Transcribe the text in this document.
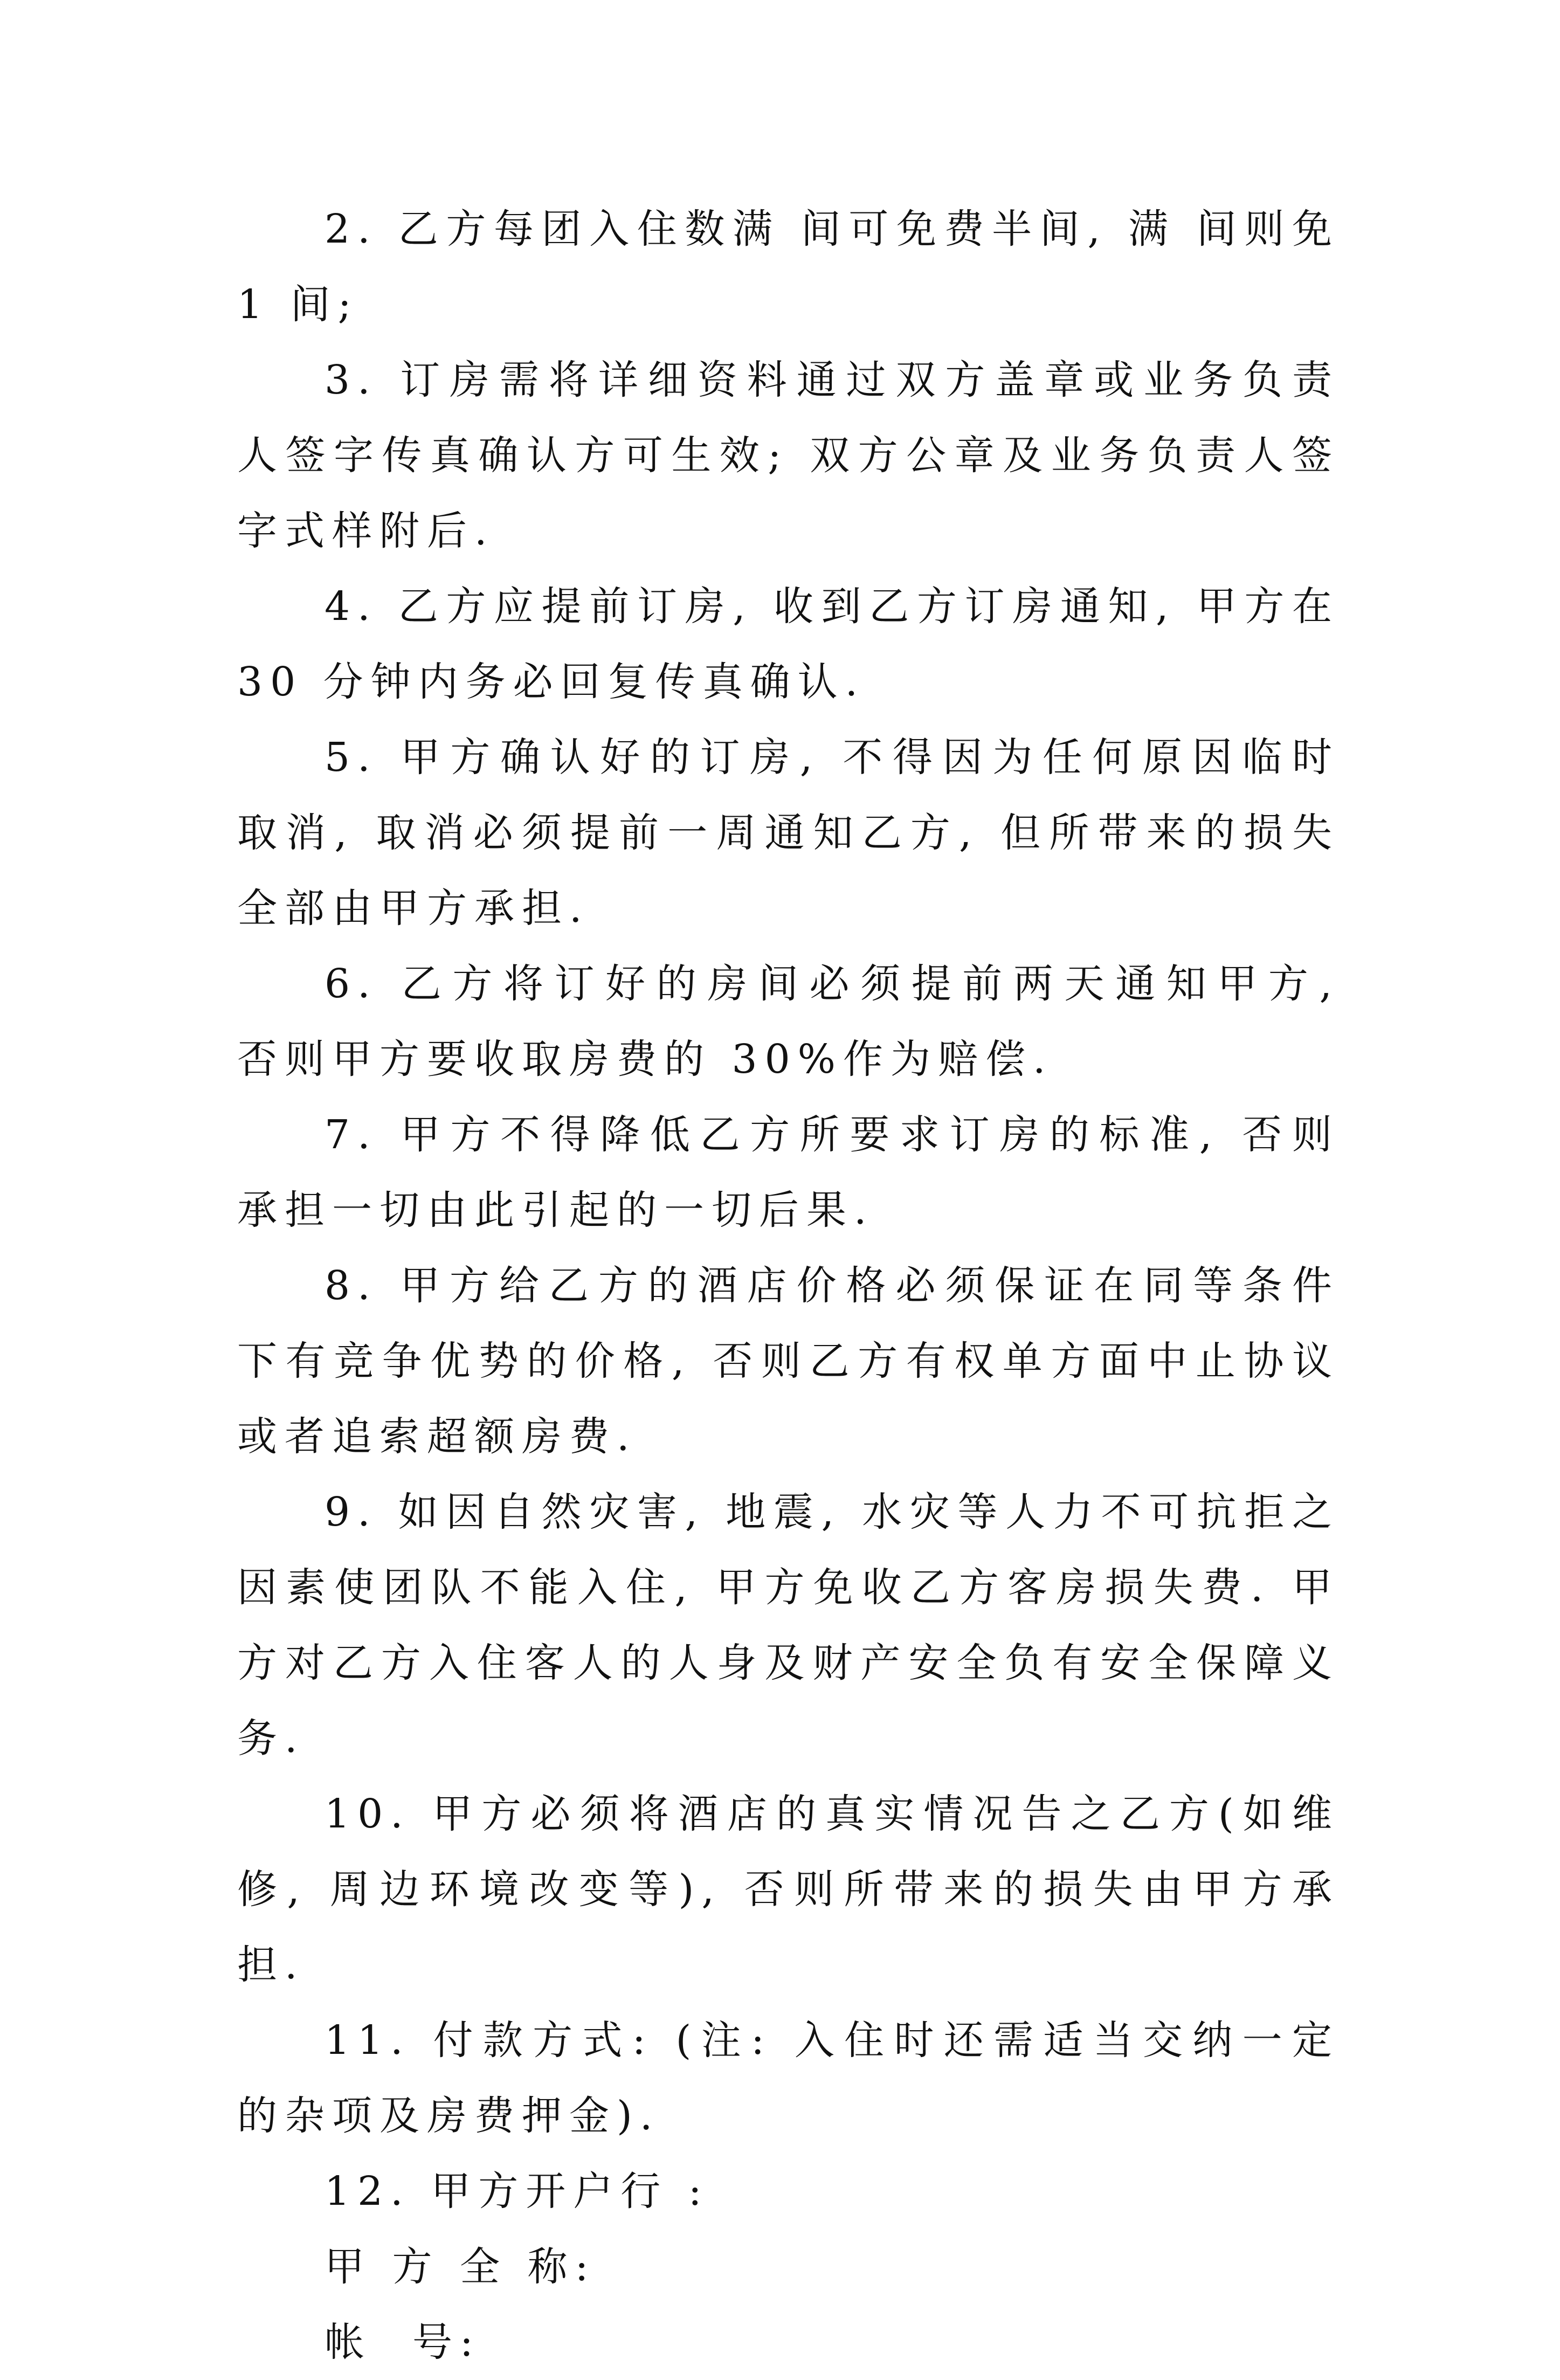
2. 乙方每团入住数满 间可免费半间, 满 间则免 1 间;

3. 订房需将详细资料通过双方盖章或业务负责人签字传真确认方可生效; 双方公章及业务负责人签字式样附后.

4. 乙方应提前订房, 收到乙方订房通知, 甲方在 30 分钟内务必回复传真确认.

5. 甲方确认好的订房, 不得因为任何原因临时取消, 取消必须提前一周通知乙方, 但所带来的损失全部由甲方承担.

6. 乙方将订好的房间必须提前两天通知甲方, 否则甲方要收取房费的 30%作为赔偿.

7. 甲方不得降低乙方所要求订房的标准, 否则承担一切由此引起的一切后果.

8. 甲方给乙方的酒店价格必须保证在同等条件下有竞争优势的价格, 否则乙方有权单方面中止协议或者追索超额房费.

9. 如因自然灾害, 地震, 水灾等人力不可抗拒之因素使团队不能入住, 甲方免收乙方客房损失费. 甲方对乙方入住客人的人身及财产安全负有安全保障义务.

10. 甲方必须将酒店的真实情况告之乙方(如维修, 周边环境改变等), 否则所带来的损失由甲方承担.

11. 付款方式: (注: 入住时还需适当交纳一定的杂项及房费押金).

12. 甲方开户行 :

甲 方 全 称:

帐  号:
